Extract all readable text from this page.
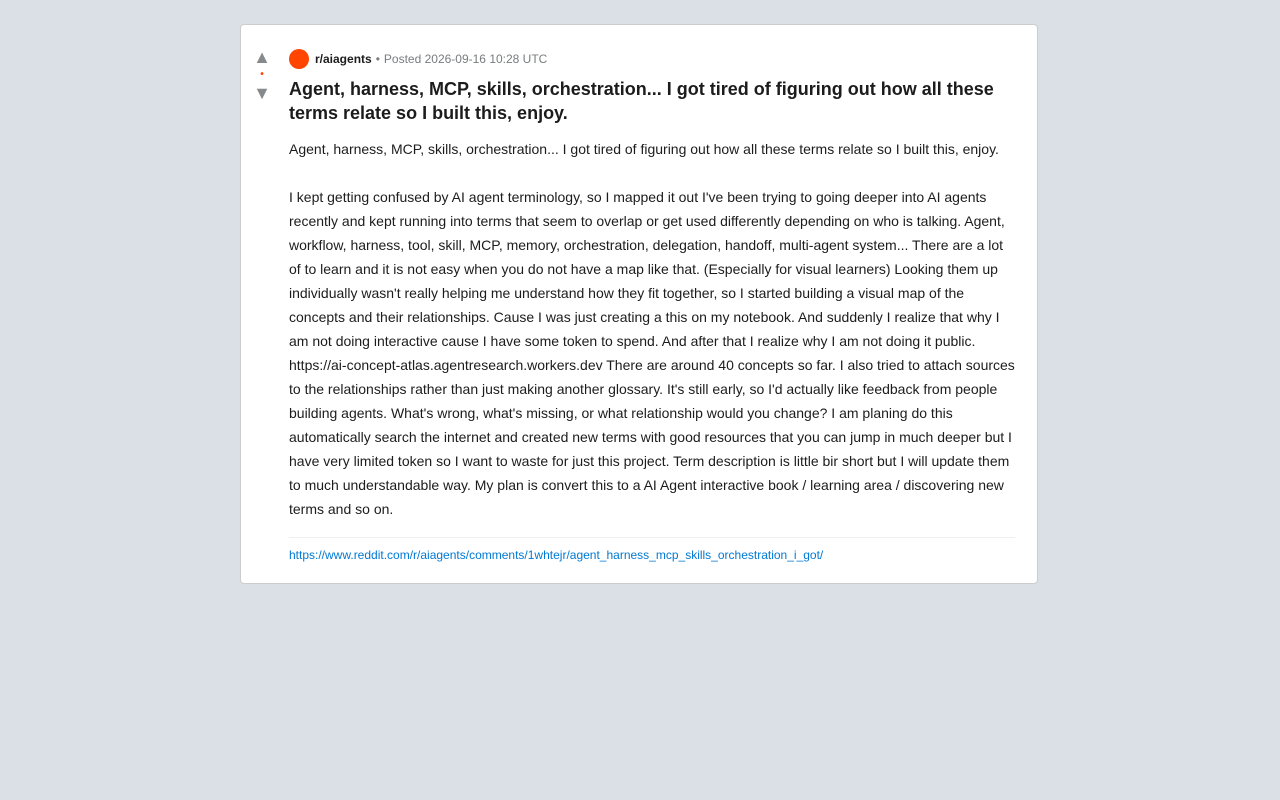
▲
•
▼
r/aiagents • Posted 2026-09-16 10:28 UTC
Agent, harness, MCP, skills, orchestration... I got tired of figuring out how all these terms relate so I built this, enjoy.

Agent, harness, MCP, skills, orchestration... I got tired of figuring out how all these terms relate so I built this, enjoy.

I kept getting confused by AI agent terminology, so I mapped it out I've been trying to going deeper into AI agents recently and kept running into terms that seem to overlap or get used differently depending on who is talking. Agent, workflow, harness, tool, skill, MCP, memory, orchestration, delegation, handoff, multi-agent system... There are a lot of to learn and it is not easy when you do not have a map like that. (Especially for visual learners) Looking them up individually wasn't really helping me understand how they fit together, so I started building a visual map of the concepts and their relationships. Cause I was just creating a this on my notebook. And suddenly I realize that why I am not doing interactive cause I have some token to spend. And after that I realize why I am not doing it public. https://ai-concept-atlas.agentresearch.workers.dev There are around 40 concepts so far. I also tried to attach sources to the relationships rather than just making another glossary. It's still early, so I'd actually like feedback from people building agents. What's wrong, what's missing, or what relationship would you change? I am planing do this automatically search the internet and created new terms with good resources that you can jump in much deeper but I have very limited token so I want to waste for just this project. Term description is little bir short but I will update them to much understandable way. My plan is convert this to a AI Agent interactive book / learning area / discovering new terms and so on.

https://www.reddit.com/r/aiagents/comments/1whtejr/agent_harness_mcp_skills_orchestration_i_got/
